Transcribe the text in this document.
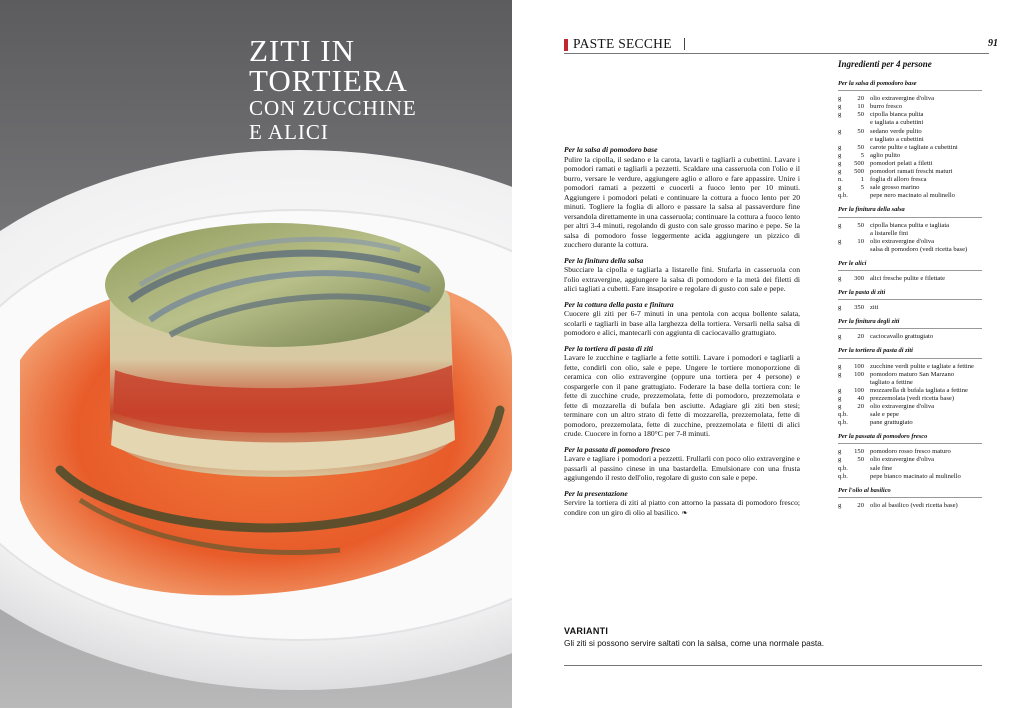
ZITI IN
TORTIERA
CON ZUCCHINE
E ALICI
PASTE SECCHE	91
Per la salsa di pomodoro base
Pulire la cipolla, il sedano e la carota, lavarli e tagliarli a cubettini. Lavare i pomodori ramati e tagliarli a pezzetti. Scaldare una casseruola con l'olio e il burro, versare le verdure, aggiungere aglio e alloro e fare appassire. Unire i pomodori ramati a pezzetti e cuocerli a fuoco lento per 10 minuti. Aggiungere i pomodori pelati e continuare la cottura a fuoco lento per 20 minuti. Togliere la foglia di alloro e passare la salsa al passaverdure fine versandola direttamente in una casseruola; continuare la cottura a fuoco lento per altri 3-4 minuti, regolando di gusto con sale grosso marino e pepe. Se la salsa di pomodoro fosse leggermente acida aggiungere un pizzico di zucchero durante la cottura.
Per la finitura della salsa
Sbucciare la cipolla e tagliarla a listarelle fini. Stufarla in casseruola con l'olio extravergine, aggiungere la salsa di pomodoro e la metà dei filetti di alici tagliati a cubetti. Fare insaporire e regolare di gusto con sale e pepe.
Per la cottura della pasta e finitura
Cuocere gli ziti per 6-7 minuti in una pentola con acqua bollente salata, scolarli e tagliarli in base alla larghezza della tortiera. Versarli nella salsa di pomodoro e alici, mantecarli con aggiunta di caciocavallo grattugiato.
Per la tortiera di pasta di ziti
Lavare le zucchine e tagliarle a fette sottili. Lavare i pomodori e tagliarli a fette, condirli con olio, sale e pepe. Ungere le tortiere monoporzione di ceramica con olio extravergine (oppure una tortiera per 4 persone) e cospargerle con il pane grattugiato. Foderare la base della tortiera con: le fette di zucchine crude, prezzemolata, fette di pomodoro, prezzemolata e fette di mozzarella di bufala ben asciutte. Adagiare gli ziti ben stesi; terminare con un altro strato di fette di mozzarella, prezzemolata, fette di pomodoro, prezzemolata, fette di zucchine, prezzemolata e filetti di alici crude. Cuocere in forno a 180°C per 7-8 minuti.
Per la passata di pomodoro fresco
Lavare e tagliare i pomodori a pezzetti. Frullarli con poco olio extravergine e passarli al passino cinese in una bastardella. Emulsionare con una frusta aggiungendo il resto dell'olio, regolare di gusto con sale e pepe.
Per la presentazione
Servire la tortiera di ziti al piatto con attorno la passata di pomodoro fresco; condire con un giro di olio al basilico. ❧
Ingredienti per 4 persone
Per la salsa di pomodoro base
g	20 olio extravergine d'oliva
g	10 burro fresco
g	50 cipolla bianca pulita
e tagliata a cubettini
g	50 sedano verde pulito
e tagliato a cubettini
g	50 carote pulite e tagliate a cubettini
g	5 aglio pulito
g	500 pomodori pelati a filetti
g	500 pomodori ramati freschi maturi
n.	1 foglia di alloro fresca
g	5 sale grosso marino
q.b.	pepe nero macinato al mulinello
Per la finitura della salsa
g	50 cipolla bianca pulita e tagliata
a listarelle fini
g	10 olio extravergine d'oliva
salsa di pomodoro (vedi ricetta base)
Per le alici
g	300 alici fresche pulite e filettate
Per la pasta di ziti
g	350 ziti
Per la finitura degli ziti
g	20 caciocavallo grattugiato
Per la tortiera di pasta di ziti
g	100 zucchine verdi pulite e tagliate a fettine
g	100 pomodoro maturo San Marzano
tagliato a fettine
g	100 mozzarella di bufala tagliata a fettine
g	40 prezzemolata (vedi ricetta base)
g	20 olio extravergine d'oliva
q.b.	sale e pepe
q.b.	pane grattugiato
Per la passata di pomodoro fresco
g	150 pomodoro rosso fresco maturo
g	50 olio extravergine d'oliva
q.b.	sale fine
q.b.	pepe bianco macinato al mulinello
Per l'olio al basilico
g	20 olio al basilico (vedi ricetta base)
VARIANTI
Gli ziti si possono servire saltati con la salsa, come una normale pasta.
